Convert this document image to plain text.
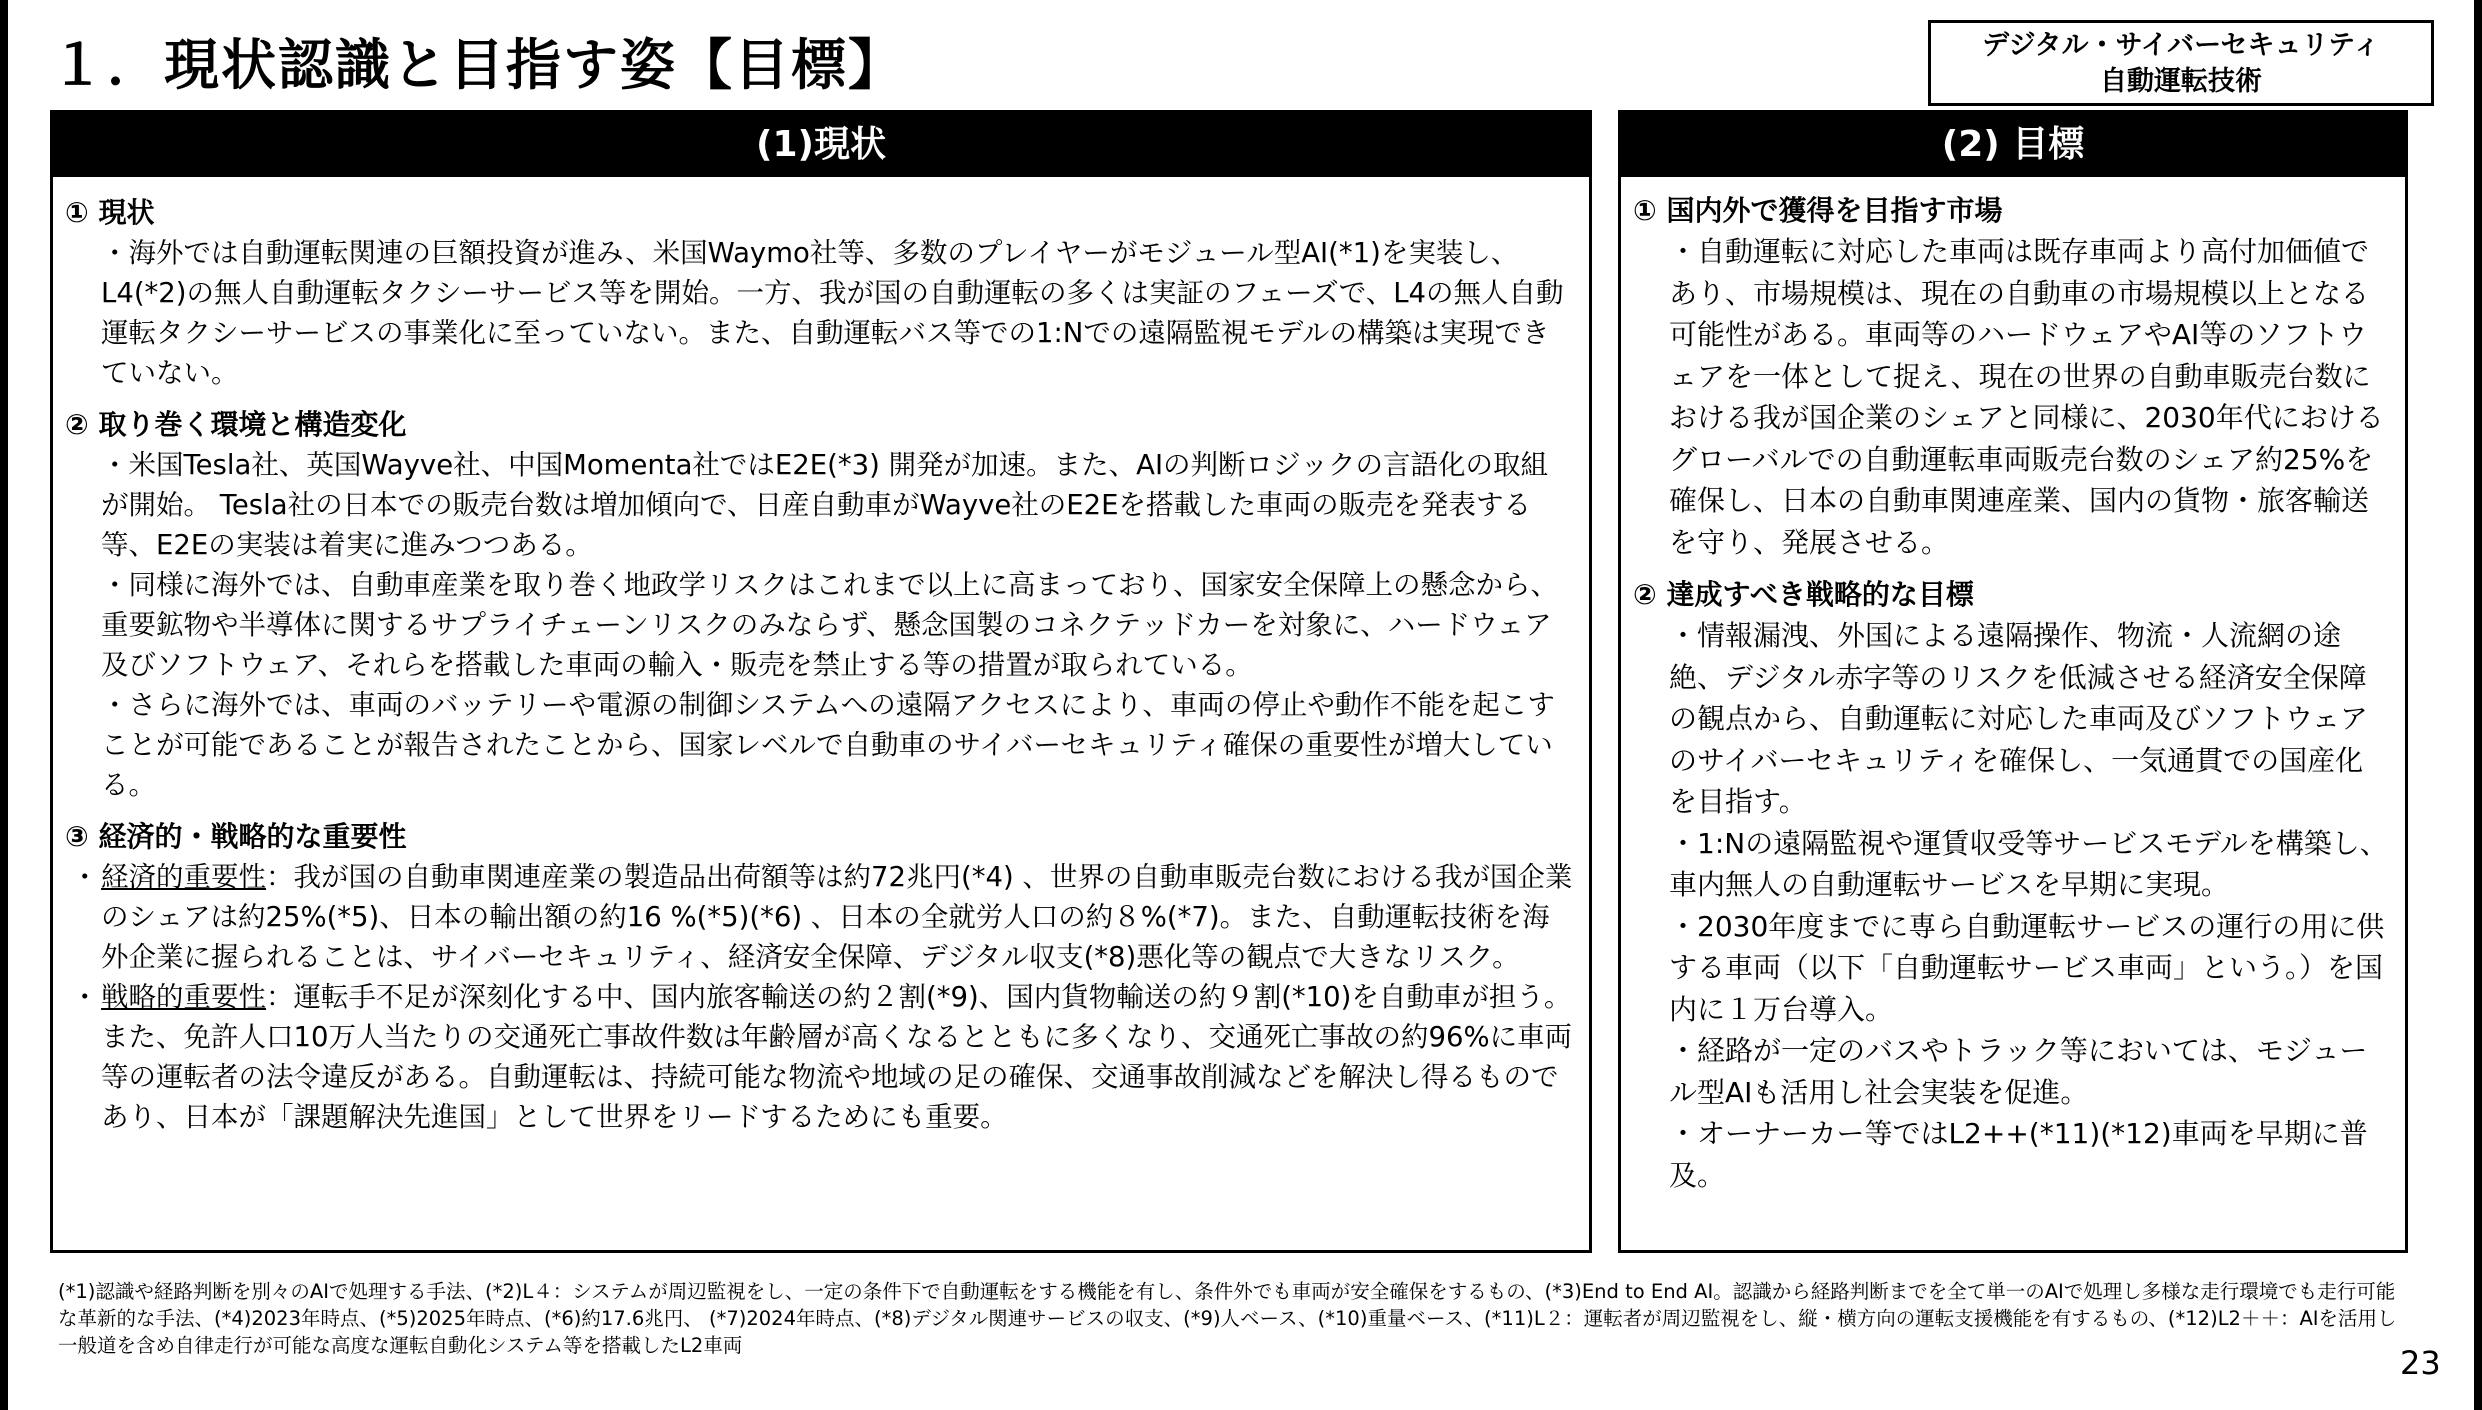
１．現状認識と目指す姿【目標】	デジタル・サイバーセキュリティ
自動運転技術
(1)現状
① 現状
・海外では自動運転関連の巨額投資が進み、米国Waymo社等、多数のプレイヤーがモジュール型AI(*1)を実装し、L4(*2)の無人自動運転タクシーサービス等を開始。一方、我が国の自動運転の多くは実証のフェーズで、L4の無人自動運転タクシーサービスの事業化に至っていない。また、自動運転バス等での1:Nでの遠隔監視モデルの構築は実現できていない。
② 取り巻く環境と構造変化
・米国Tesla社、英国Wayve社、中国Momenta社ではE2E(*3) 開発が加速。また、AIの判断ロジックの言語化の取組が開始。 Tesla社の日本での販売台数は増加傾向で、日産自動車がWayve社のE2Eを搭載した車両の販売を発表する等、E2Eの実装は着実に進みつつある。
・同様に海外では、自動車産業を取り巻く地政学リスクはこれまで以上に高まっており、国家安全保障上の懸念から、重要鉱物や半導体に関するサプライチェーンリスクのみならず、懸念国製のコネクテッドカーを対象に、ハードウェア及びソフトウェア、それらを搭載した車両の輸入・販売を禁止する等の措置が取られている。
・さらに海外では、車両のバッテリーや電源の制御システムへの遠隔アクセスにより、車両の停止や動作不能を起こすことが可能であることが報告されたことから、国家レベルで自動車のサイバーセキュリティ確保の重要性が増大している。
③ 経済的・戦略的な重要性
・ 経済的重要性：我が国の自動車関連産業の製造品出荷額等は約72兆円(*4) 、世界の自動車販売台数における我が国企業のシェアは約25%(*5)、日本の輸出額の約16 %(*5)(*6) 、日本の全就労人口の約８%(*7)。また、自動運転技術を海外企業に握られることは、サイバーセキュリティ、経済安全保障、デジタル収支(*8)悪化等の観点で大きなリスク。
・ 戦略的重要性：運転手不足が深刻化する中、国内旅客輸送の約２割(*9)、国内貨物輸送の約９割(*10)を自動車が担う。また、免許人口10万人当たりの交通死亡事故件数は年齢層が高くなるとともに多くなり、交通死亡事故の約96%に車両等の運転者の法令違反がある。自動運転は、持続可能な物流や地域の足の確保、交通事故削減などを解決し得るものであり、日本が「課題解決先進国」として世界をリードするためにも重要。
(2) 目標
① 国内外で獲得を目指す市場
・自動運転に対応した車両は既存車両より高付加価値であり、市場規模は、現在の自動車の市場規模以上となる可能性がある。車両等のハードウェアやAI等のソフトウェアを一体として捉え、現在の世界の自動車販売台数における我が国企業のシェアと同様に、2030年代におけるグローバルでの自動運転車両販売台数のシェア約25%を確保し、日本の自動車関連産業、国内の貨物・旅客輸送を守り、発展させる。
② 達成すべき戦略的な目標
・情報漏洩、外国による遠隔操作、物流・人流網の途絶、デジタル赤字等のリスクを低減させる経済安全保障の観点から、自動運転に対応した車両及びソフトウェアのサイバーセキュリティを確保し、一気通貫での国産化を目指す。
・1:Nの遠隔監視や運賃収受等サービスモデルを構築し、車内無人の自動運転サービスを早期に実現。
・2030年度までに専ら自動運転サービスの運行の用に供する車両（以下「自動運転サービス車両」という。）を国内に１万台導入。
・経路が一定のバスやトラック等においては、モジュール型AIも活用し社会実装を促進。
・オーナーカー等ではL2++(*11)(*12)車両を早期に普及。
(*1)認識や経路判断を別々のAIで処理する手法、(*2)L４：システムが周辺監視をし、一定の条件下で自動運転をする機能を有し、条件外でも車両が安全確保をするもの、(*3)End to End AI。認識から経路判断までを全て単一のAIで処理し多様な走行環境でも走行可能な革新的な手法、(*4)2023年時点、(*5)2025年時点、(*6)約17.6兆円、 (*7)2024年時点、(*8)デジタル関連サービスの収支、(*9)人ベース、(*10)重量ベース、(*11)L２：運転者が周辺監視をし、縦・横方向の運転支援機能を有するもの、(*12)L2＋＋：AIを活用し一般道を含め自律走行が可能な高度な運転自動化システム等を搭載したL2車両	23
